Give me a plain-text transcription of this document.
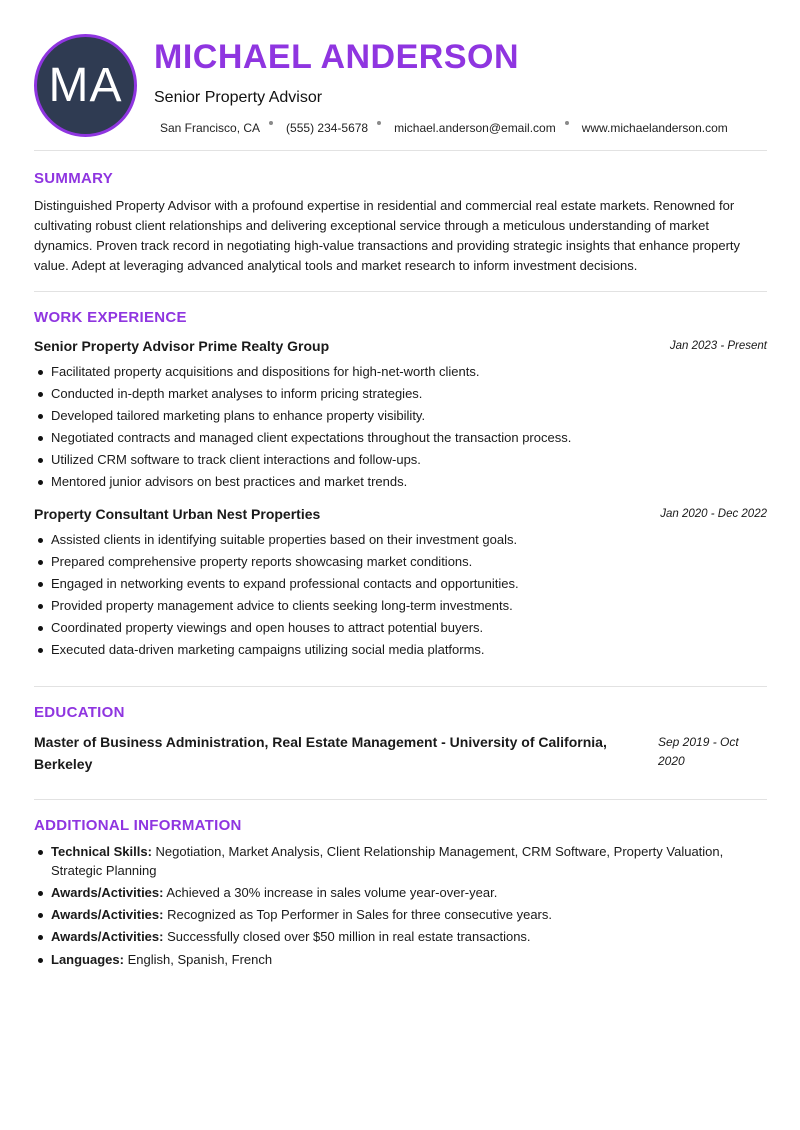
MA
MICHAEL ANDERSON
Senior Property Advisor
San Francisco, CA (555) 234-5678 michael.anderson@email.com www.michaelanderson.com
SUMMARY
Distinguished Property Advisor with a profound expertise in residential and commercial real estate markets. Renowned for cultivating robust client relationships and delivering exceptional service through a meticulous understanding of market dynamics. Proven track record in negotiating high-value transactions and providing strategic insights that enhance property value. Adept at leveraging advanced analytical tools and market research to inform investment decisions.
WORK EXPERIENCE
Senior Property Advisor Prime Realty Group	Jan 2023 - Present
Facilitated property acquisitions and dispositions for high-net-worth clients.
Conducted in-depth market analyses to inform pricing strategies.
Developed tailored marketing plans to enhance property visibility.
Negotiated contracts and managed client expectations throughout the transaction process.
Utilized CRM software to track client interactions and follow-ups.
Mentored junior advisors on best practices and market trends.
Property Consultant Urban Nest Properties	Jan 2020 - Dec 2022
Assisted clients in identifying suitable properties based on their investment goals.
Prepared comprehensive property reports showcasing market conditions.
Engaged in networking events to expand professional contacts and opportunities.
Provided property management advice to clients seeking long-term investments.
Coordinated property viewings and open houses to attract potential buyers.
Executed data-driven marketing campaigns utilizing social media platforms.
EDUCATION
Master of Business Administration, Real Estate Management - University of California, Berkeley
Sep 2019 - Oct 2020
ADDITIONAL INFORMATION
Technical Skills: Negotiation, Market Analysis, Client Relationship Management, CRM Software, Property Valuation, Strategic Planning
Awards/Activities: Achieved a 30% increase in sales volume year-over-year.
Awards/Activities: Recognized as Top Performer in Sales for three consecutive years.
Awards/Activities: Successfully closed over $50 million in real estate transactions.
Languages: English, Spanish, French
